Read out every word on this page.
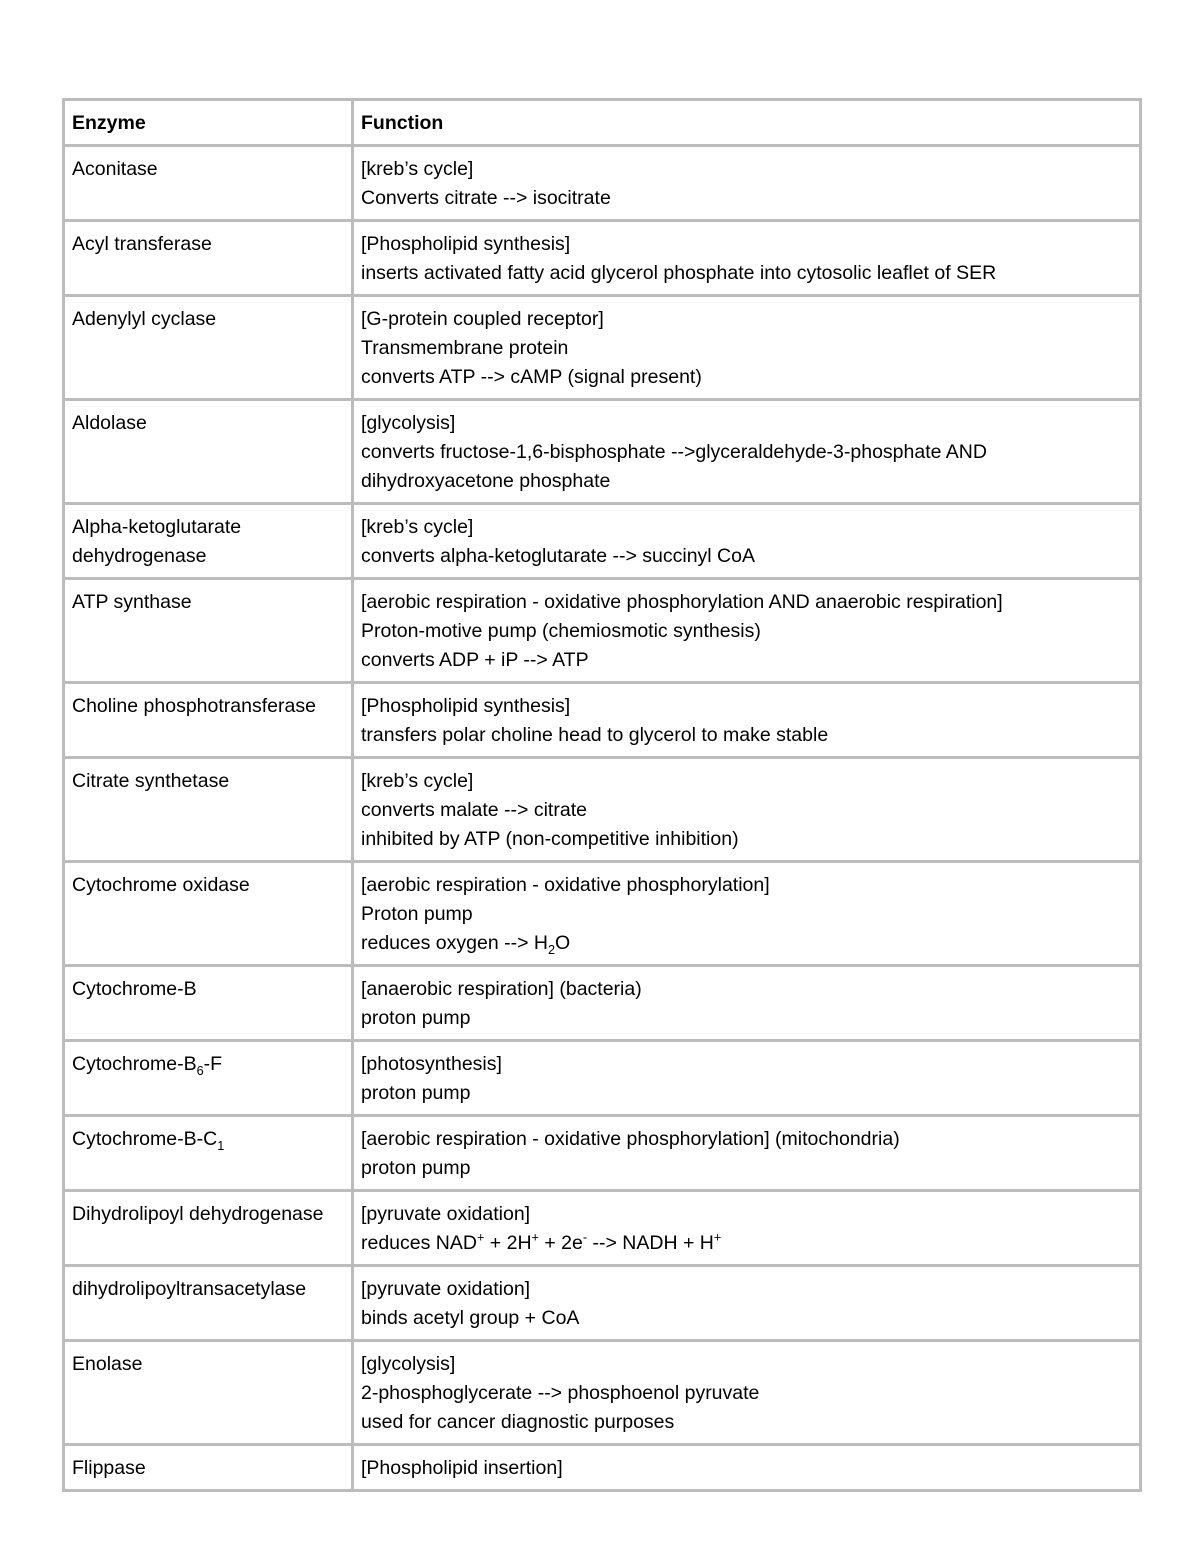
Enzyme	Function

Aconitase	[kreb’s cycle]
Converts citrate --> isocitrate

Acyl transferase	[Phospholipid synthesis]
inserts activated fatty acid glycerol phosphate into cytosolic leaflet of SER

Adenylyl cyclase	[G-protein coupled receptor]
Transmembrane protein
converts ATP --> cAMP (signal present)

Aldolase	[glycolysis]
converts fructose-1,6-bisphosphate -->glyceraldehyde-3-phosphate AND
dihydroxyacetone phosphate

Alpha-ketoglutarate dehydrogenase	[kreb’s cycle]
converts alpha-ketoglutarate --> succinyl CoA

ATP synthase	[aerobic respiration - oxidative phosphorylation AND anaerobic respiration]
Proton-motive pump (chemiosmotic synthesis)
converts ADP + iP --> ATP

Choline phosphotransferase	[Phospholipid synthesis]
transfers polar choline head to glycerol to make stable

Citrate synthetase	[kreb’s cycle]
converts malate --> citrate
inhibited by ATP (non-competitive inhibition)

Cytochrome oxidase	[aerobic respiration - oxidative phosphorylation]
Proton pump
reduces oxygen --> $H_2O$

Cytochrome-B	[anaerobic respiration] (bacteria)
proton pump

Cytochrome-$B_6-F$	[photosynthesis]
proton pump

Cytochrome-$B-C_1$	[aerobic respiration - oxidative phosphorylation] (mitochondria)
proton pump

Dihydrolipoyl dehydrogenase	[pyruvate oxidation]
reduces NAD+ + 2H+ + 2e- --> NADH + H+

dihydrolipoyltransacetylase	[pyruvate oxidation]
binds acetyl group + CoA

Enolase	[glycolysis]
2-phosphoglycerate --> phosphoenol pyruvate
used for cancer diagnostic purposes

Flippase	[Phospholipid insertion]
